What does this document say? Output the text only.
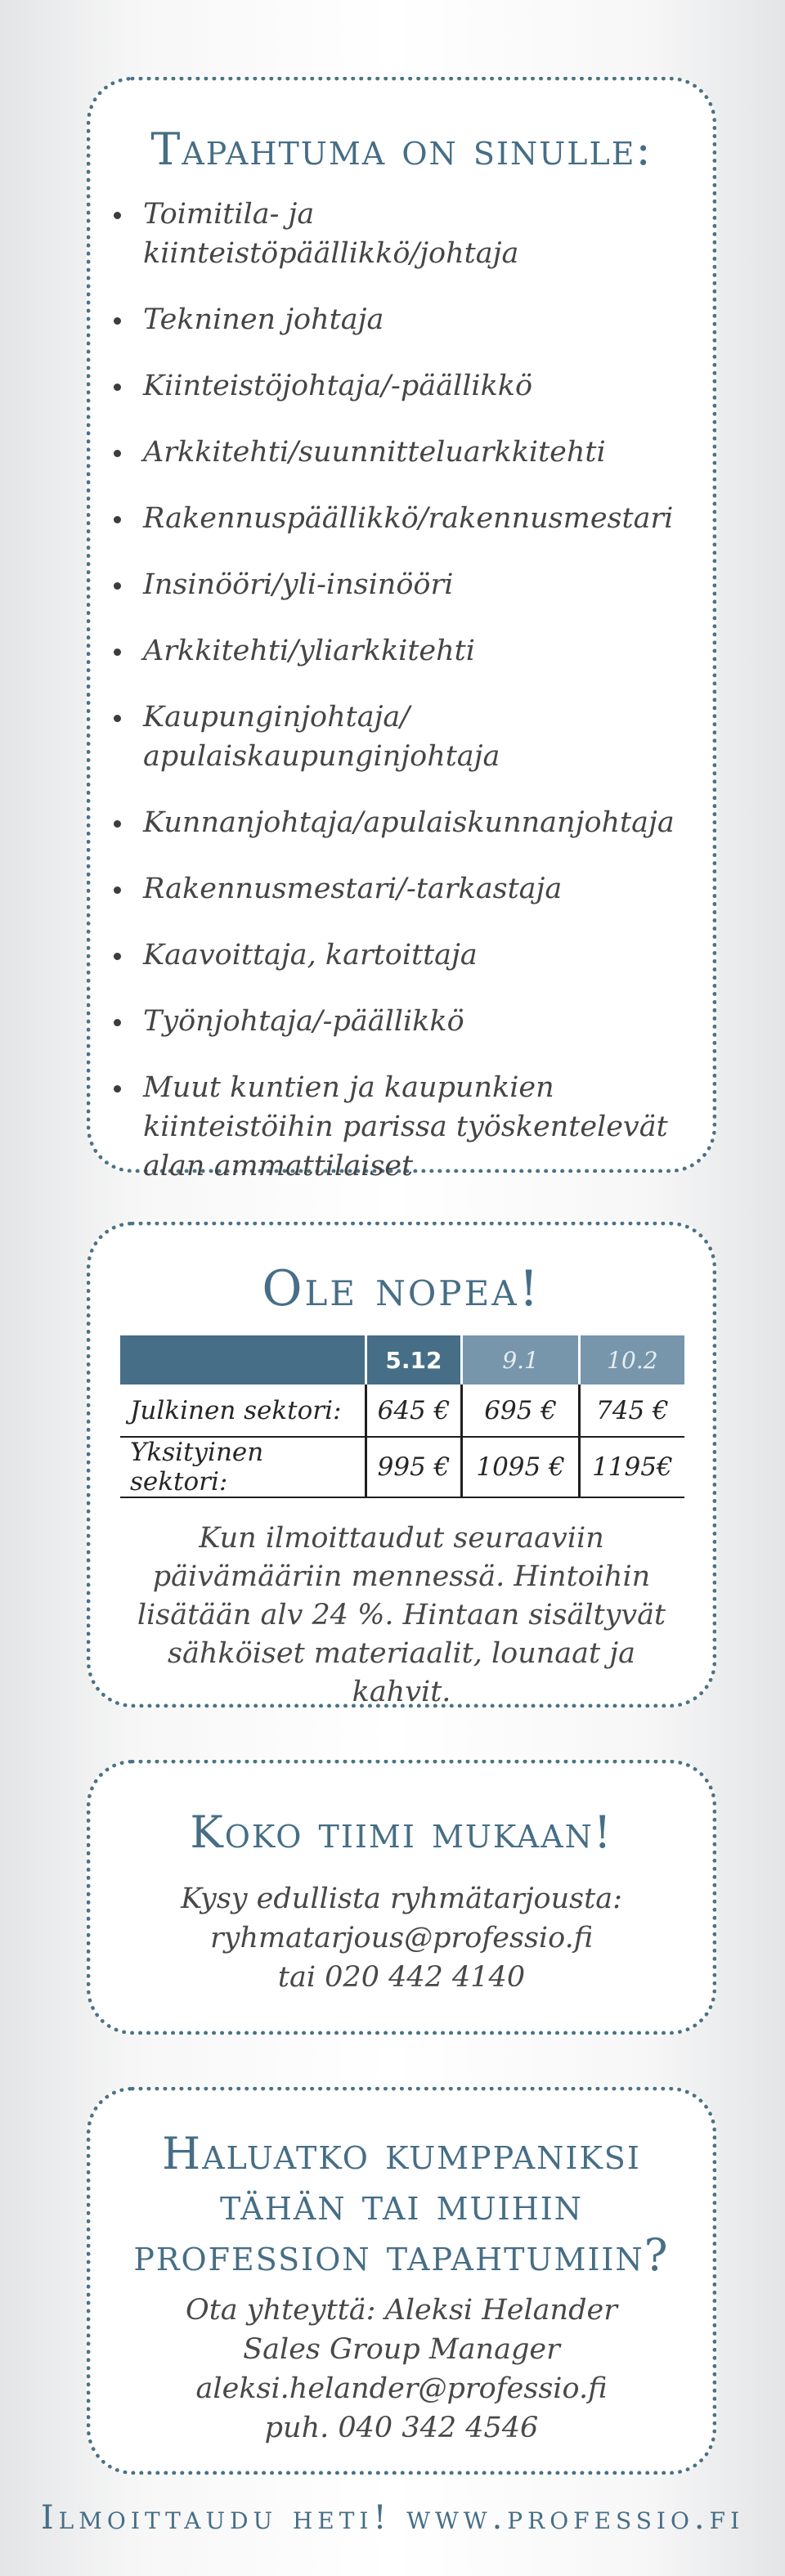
Tapahtuma on sinulle:
Toimitila- ja kiinteistöpäällikkö/johtaja
Tekninen johtaja
Kiinteistöjohtaja/-päällikkö
Arkkitehti/suunnitteluarkkitehti
Rakennuspäällikkö/rakennusmestari
Insinööri/yli-insinööri
Arkkitehti/yliarkkitehti
Kaupunginjohtaja/ apulaiskaupunginjohtaja
Kunnanjohtaja/apulaiskunnanjohtaja
Rakennusmestari/-tarkastaja
Kaavoittaja, kartoittaja
Työnjohtaja/-päällikkö
Muut kuntien ja kaupunkien kiinteistöihin parissa työskentelevät alan ammattilaiset
Ole nopea!
	5.12	9.1	10.2
Julkinen sektori:	645 €	695 €	745 €
Yksityinen sektori:	995 €	1095 €	1195€

Kun ilmoittaudut seuraaviin päivämääriin mennessä. Hintoihin lisätään alv 24 %. Hintaan sisältyvät sähköiset materiaalit, lounaat ja kahvit.

Koko tiimi mukaan!
Kysy edullista ryhmätarjousta:
ryhmatarjous@professio.fi
tai 020 442 4140
Haluatko kumppaniksi
tähän tai muihin
profession tapahtumiin?
Ota yhteyttä: Aleksi Helander
Sales Group Manager
aleksi.helander@professio.fi
puh. 040 342 4546
Ilmoittaudu heti! www.professio.fi
